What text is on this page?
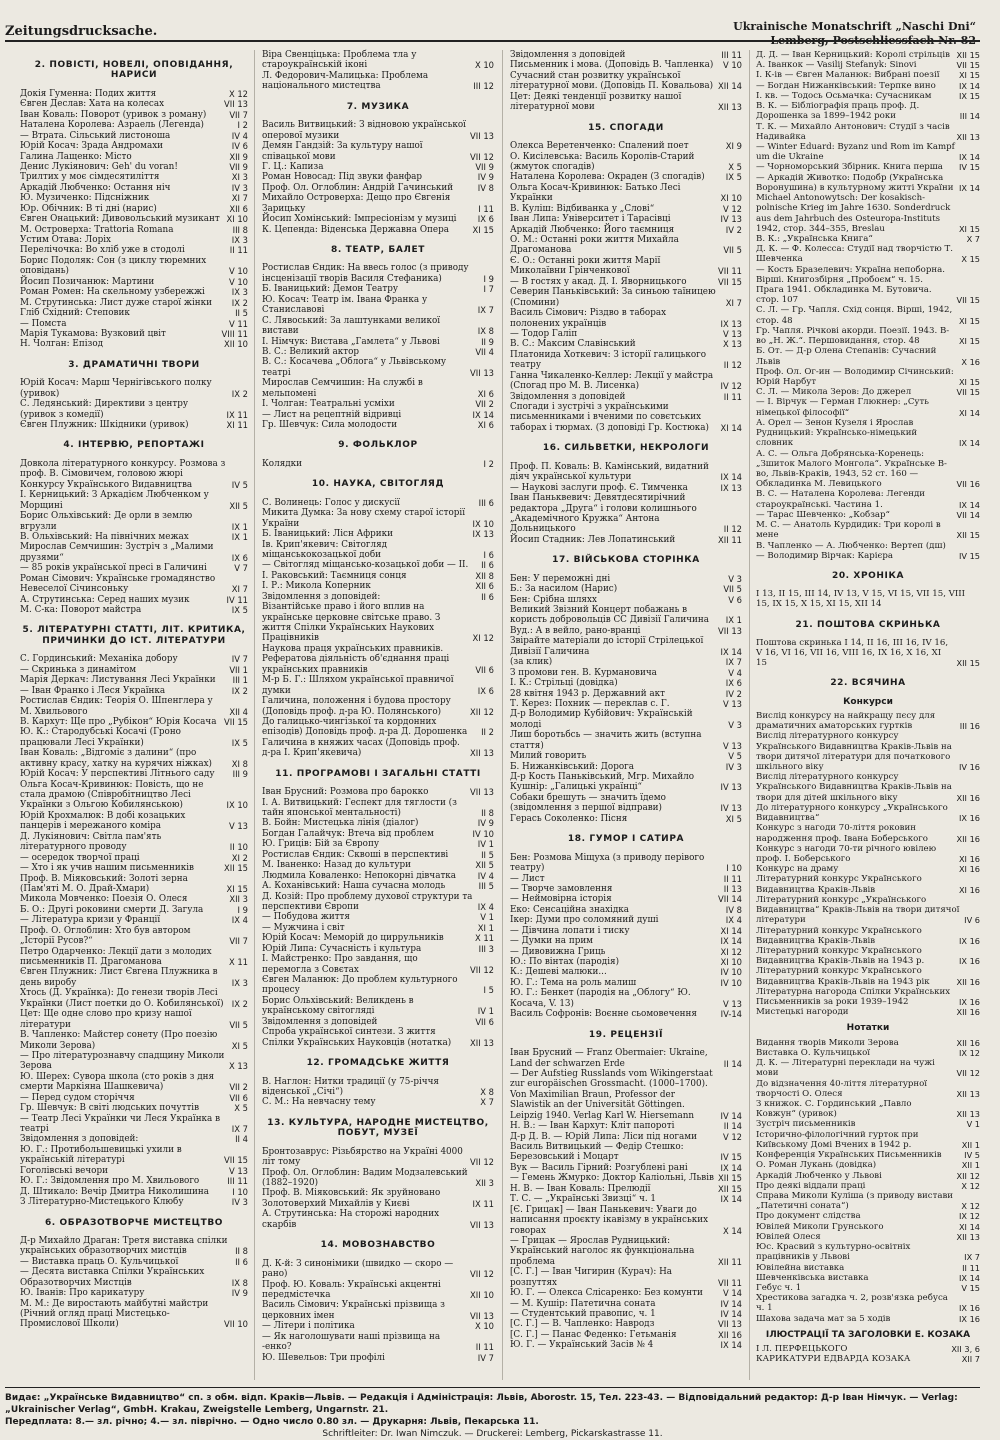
Zeitungsdrucksache.	Ukrainische Monatschrift „Naschi Dni“
Lemberg, Postschliessfach Nr. 82
2. ПОВІСТІ, НОВЕЛІ, ОПОВІДАННЯ, НАРИСИ
Докія Гуменна: Подих життя	X 12
Євген Деслав: Хата на колесах	VII 13
Іван Коваль: Поворот (уривок з роману)	VII 7
Наталена Королева: Азраель (Легенда)	I 2
— Втрата. Сільський листоноша	IV 4
Юрій Косач: Зрада Андромахи	IV 6
Галина Лащенко: Місто	XII 9
Денис Лукіянович: Geh' du voran!	VII 9
Трилтих у моє сімдесятиліття	XI 3
Аркадій Любченко: Остання ніч	IV 3
Ю. Музиченко: Підсніжник	XI 7
Юр. Обічник: В ті дні (нарис)	XII 6
Євген Онацький: Дивовольський музикант XI 10
М. Островерха: Trattoria Romana	III 8
Устим Отава: Лоріх	IX 3
Перелічочка: Во хліб уже в стодолі	II 11
Борис Подоляк: Сон (з циклу тюремних оповідань)	V 10
Йосип Позичанюк: Мартини	V 10
Роман Ромен: На скельному узбережжі	IX 3
М. Струтинська: Лист дуже старої жінки	IX 2
Гліб Східний: Степовик	II 5
— Помста	V 11
Марія Тукамова: Вузковий цвіт	VIII 11
Н. Чолган: Епізод	XII 10
3. ДРАМАТИЧНІ ТВОРИ
Юрій Косач: Марш Чернігівського полку (уривок)	IX 2
С. Ледянський: Директиви з центру (уривок з комедії)	IX 11
Євген Плужник: Шкідники (уривок)	XI 11
4. ІНТЕРВЮ, РЕПОРТАЖІ
Довкола літературного конкурсу. Розмова з проф. В. Сімовичем, головою жюрі Конкурсу Українського Видавництва	IV 5
І. Керницький: З Аркадієм Любченком у Морщині	XII 5
Борис Ольхівський: Де орли в землю вгрузли	IX 1
В. Ольхівський: На північних межах	IX 1
Мирослав Семчишин: Зустріч з „Малими друзями“	IX 6
— 85 років української пресі в Галичині	V 7
Роман Сімович: Українське громадянство Невеселої Січинсоньку	XI 7
А. Струтинська: Серед наших музик	IV 11
М. С-ка: Поворот майстра	IX 5
5. ЛІТЕРАТУРНІ СТАТТІ, ЛІТ. КРИТИКА, ПРИЧИНКИ ДО ІСТ. ЛІТЕРАТУРИ
С. Гординський: Механіка добору	IV 7
— Скринька з динамітом	VII 1
Марія Деркач: Листування Лесі Українки	III 1
— Іван Франко і Леся Українка	IX 2
Ростислав Єндик: Теорія О. Шпенглера у М. Хвильового	XII 4
В. Кархут: Ще про „Рубікон“ Юрія Косача VII 15
Ю. К.: Стародубські Косачі (Гроно працювали Лесі Українки)	IX 5
Іван Коваль: „Відгоміє з далини“ (про активну красу, хатку на курячих ніжках)	XI 8
Юрій Косач: У перспективі Літнього саду	III 9
Ольга Косач-Кривинюк: Повість, що не стала драмою (Співробітництво Лесі Українки з Ольгою Кобилянською)	IX 10
Юрій Крохмалюк: В добі козацьких панцерів і мережаного коміра	V 13
Д. Лукіянович: Світла пам'ять літературного проводу	II 10
— осередок творчої праці	XI 2
— Хто і як учив нашим письменників	XII 15
Проф. В. Міяковський: Золоті зерна (Пам'яті М. О. Драй-Хмари)	XI 15
Микола Мовченко: Поезія О. Олеся	XII 3
Б. О.: Другі роковини смерти Д. Загула	I 9
— Література кризи у Франції	IX 4
Проф. О. Оглоблин: Хто був автором „Історії Русов?“	VII 7
Петро Одарченко: Лекції дати з молодих письменників П. Драгоманова	X 11
Євген Плужник: Лист Євгена Плужника в день виробу	IX 3
Хтось (Д. Українка): До генези творів Лесі Українки (Лист поетки до О. Кобилянської) IX 2
Цет: Ще одне слово про кризу нашої літератури	VII 5
В. Чапленко: Майстер сонету (Про поезію Миколи Зерова)	XI 5
— Про літературознавчу спадщину Миколи Зерова	X 13
Ю. Шерех: Сувора школа (сто років з дня смерти Маркіяна Шашкевича)	VII 2
— Перед судом сторіччя	VII 6
Гр. Шевчук: В світі людських почуттів	X 5
— Театр Лесі Українки чи Леся Українка в театрі	IX 7
Звідомлення з доповідей:	II 4
Ю. Г.: Протибольшевицькі ухили в українській літературі	VII 15
Гоголівські вечори	V 13
Ю. Г.: Звідомлення про М. Хвильового	III 11
Д. Штикало: Вечір Дмитра Николишина	I 10
З Літературно-Мистецького Клюбу	IV 3
6. ОБРАЗОТВОРЧЕ МИСТЕЦТВО
Д-р Михайло Драган: Третя виставка спілки українських образотворчих мистців	II 8
— Виставка праць О. Кульчицької	II 6
— Десята виставка Спілки Українських Образотворчих Мистців	IX 8
Ю. Іванів: Про карикатуру	IV 9
М. М.: Де виростають майбутні майстри (Річний огляд праці Мистецько-Промислової Школи)	VII 10
Віра Свенціцька: Проблема тла у староукраїнській іконі	X 10
Л. Федорович-Малицька: Проблема національного мистецтва	III 12
7. МУЗИКА
Василь Витвицький: З відновою української оперової музики	VII 13
Демян Гандзій: За культуру нашої співацької мови	VII 12
Г. Ц.: Капиза	VII 9
Роман Новосад: Під звуки фанфар	IV 9
Проф. Ол. Оглоблин: Андрій Гачинський	IV 8
Михайло Островерха: Дещо про Євгенія Зарицьку	I 11
Йосип Хомінський: Імпресіонізм у музиці	IX 6
К. Цепенда: Віденська Державна Опера	XI 15
8. ТЕАТР, БАЛЕТ
Ростислав Єндик: На ввесь голос (з приводу інсценізації творів Василя Стефаника)	I 9
Б. Іваницький: Демон Театру	I 7
Ю. Косач: Театр ім. Івана Франка у Станиславові	IX 7
С. Лявоський: За лаштунками великої вистави	IX 8
І. Німчук: Вистава „Гамлета“ у Львові	II 9
В. С.: Великий актор	VII 4
В. С.: Косачева „Облога“ у Львівському театрі	VII 13
Мирослав Семчишин: На службі в мельпомені	XI 6
І. Чолган: Театральні усміхи	VII 2
— Лист на рецептній відривці	IX 14
Гр. Шевчук: Сила молодости	XI 6
9. ФОЛЬКЛОР
Колядки	I 2
10. НАУКА, СВІТОГЛЯД
С. Волинець: Голос у дискусії	III 6
Микита Думка: За нову схему старої історії України	IX 10
Б. Іваницький: Лісн Африки	IX 13
Ів. Крип'якевич: Світогляд міщанськокозацької доби	I 6
— Світогляд міщансько-козацької доби — II.	II 6
І. Раковський: Таємниця сонця	XII 8
І. Р.: Микола Коперник	XII 6
Звідомлення з доповідей:	II 6
Візантійське право і його вплив на українське церковне світське право. З життя Спілки Українських Наукових Працівників	XI 12
Наукова праця українських правників. Рефератова діяльність об'єднання праці українських правників	VII 6
М-р Б. Г.: Шляхом української правничої думки	IX 6
Галичина, положення і будова простору (Доповідь проф. д-ра Ю. Полянського)	XII 12
До галицько-чингізької та кордонних епізодів) Доповідь проф. д-ра Д. Дорошенка	II 2
Галичина в княжих часах (Доповідь проф. д-ра І. Крип'якевича)	XII 13
11. ПРОГРАМОВІ І ЗАГАЛЬНІ СТАТТІ
Іван Брусний: Розмова про барокко	VII 13
І. А. Витвицький: Геспект для тяглости (з тайн японської ментальності)	II 8
В. Бойн: Мистецька лінія (діалог)	IV 9
Богдан Галайчук: Втеча від проблем	IV 10
Ю. Гриців: Бій за Європу	IV 1
Ростислав Єндик: Сквоші в перспективі	II 5
М. Іваненко: Назад до культури	XII 5
Людмила Коваленко: Непокорні дівчатка	IV 4
А. Коханівський: Нашa сучасна молодь	III 5
Д. Козій: Про проблему духової структури та перспективи Європи	IX 4
— Побудова життя	V 1
— Мужчина і світ	XI 1
Юрій Косач: Меморій до циррульників	X 11
Юрій Липа: Сучасність і культура	III 3
І. Майстренко: Про завдання, що перемогла з Совєтах	VII 12
Євген Маланюк: До проблем культурного процесу	I 5
Борис Ольхівський: Великдень в українському світогляді	IV 1
Звідомлення з доповідей	VII 6
Спроба української синтези. З життя Спілки Українських Науковців (нотатка)	XII 13
12. ГРОМАДСЬКЕ ЖИТТЯ
В. Наглон: Нитки традиції (у 75-річчя віденської „Січі“)	X 8
С. М.: На невчасну тему	X 7
13. КУЛЬТУРА, НАРОДНЕ МИСТЕЦТВО, ПОБУТ, МУЗЕЇ
Бронтозаврус: Різьбярство на Україні 4000 літ тому	VII 12
Проф. Ол. Оглоблин: Вадим Модзалевський (1882–1920)	XII 3
Проф. В. Міяковський: Як зруйновано Золотоверхий Михайлів у Києві	IX 11
А. Струтинська: На сторожі народних скарбів	VII 13
14. МОВОЗНАВСТВО
Д. К-й: З синонімики (швидко — скоро — рано)	VII 12
Проф. Ю. Коваль: Українські акцентні передмістечка	XII 10
Василь Сімович: Українські прізвища з церковних імен	VII 13
— Літери і політика	X 10
— Як наголошувати наші прізвища на -енко?	II 11
Ю. Шевельов: Три профілі	IV 7
Звідомлення з доповідей	III 11
Письменник і мова. (Доповідь В. Чапленка)	V 10
Сучасний стан розвитку української літературної мови. (Доповідь П. Ковальова) XII 14
Цет: Деякі тенденції розвитку нашої літературної мови	XII 13
15. СПОГАДИ
Олекса Веретенченко: Спалений поет	XI 9
О. Кисілевська: Василь Королів-Старий (жмуток спогадів)	X 5
Наталена Королева: Окраден (З спогадів)	IX 5
Ольга Косач-Кривинюк: Батько Лесі Українки	XI 10
В. Куліш: Відбиванка у „Слові“	V 12
Іван Липа: Університет і Тарасівці	IV 13
Аркадій Любченко: Його таємниця	IV 2
О. М.: Останні роки життя Михайла Драгоманова	VII 5
Є. О.: Останні роки життя Марії Миколаївни Грінченкової	VII 11
— В гостях у акад. Д. І. Яворницького	VII 15
Северин Паньківський: За синьою таїницею (Спомини)	XI 7
Василь Сімович: Різдво в таборах полонених українців	IX 13
— Тодор Галіп	V 13
В. С.: Максим Славінський	X 13
Платонида Хоткевич: З історії галицького театру	II 12
Ганна Чикаленко-Келлер: Лекції у майстра (Спогад про М. В. Лисенка)	IV 12
Звідомлення з доповідей	II 11
Спогади і зустрічі з українськими письменниками і вченими по совєтських таборах і тюрмах. (З доповіді Гр. Костюка)	XI 14
16. СИЛЬВЕТКИ, НЕКРОЛОГИ
Проф. П. Коваль: В. Камінський, видатний діяч української культури	IX 14
— Наукові заслуги проф. Є. Тимченка	IX 13
Іван Паньквевич: Девятдесятирічний редактора „Друга“ і голови колишнього „Академічного Кружка“ Антона Дольницького	II 12
Йосип Стадник: Лев Лопатинський	XII 11
17. ВІЙСЬКОВА СТОРІНКА
Бен: У переможні дні	V 3
Б.: За насилом (Нарис)	VII 5
Бен: Срібна шляхх	V 6
Великий Звізний Концерт побажань в користь добровольців СС Дивізії Галичина	IX 1
Вуд.: А в вейло, рано-вранці	VII 13
Звірайте матеріали до історії Стрілецької Дивізії Галичина	IX 14
(за клик)	IX 7
З промови ген. В. Курмановича	V 4
І. К.: Стрільці (довідка)	IX 6
28 квітня 1943 р. Державний акт	IV 2
Т. Керез: Похник — переклав с. Г.	V 13
Д-р Володимир Кубійович: Українській молоді	V 3
Лиш боротьбсь — значить жить (вступна стаття)	V 13
Милий говорить	V 5
Б. Нижанківський: Дорога	IV 3
Д-р Кость Паньківський, Мгр. Михайло Кушнір: „Галицькі українці“	IV 13
Собаки брешуть — значить їдемо (звідомлення з першої відправи)	IV 13
Герась Соколенко: Пісня	XI 5
18. ГУМОР І САТИРА
Бен: Розмова Міщуха (з приводу перівого театру)	I 10
— Лист	II 11
— Творче замовлення	II 13
— Неймовірна історія	VII 14
Еко: Сенсаційна знахідка	IV 8
Ікер: Думи про соломяний душі	IX 4
— Дівчина лопати і тиску	XI 14
— Думки на прим	IX 14
— Дивовижна Гриць	XI 12
Ю.: По вінтах (пародія)	XI 10
К.: Дешеві малюки...	IV 10
Ю. Г.: Тема на роль малиш	IV 10
Ю. Г.: Бенкет (пародія на „Облогу“ Ю. Косача, V. 13)	V 13
Василь Софронів: Воєнне сьомовечення	IV-14
19. РЕЦЕНЗІЇ
Іван Брусний — Franz Obermaier: Ukraine, Land der schwarzen Erde	II 14
— Der Aufstieg Russlands vom Wikingerstaat zur europäischen Grossmacht. (1000–1700). Von Maximilian Braun, Professor der Slawistik an der Universität Göttingen. Leipzig 1940. Verlag Karl W. Hiersemann	IV 14
Н. В.: — Іван Кархут: Кліт папороті	II 14
Д-р Д. В. — Юрій Липа: Ліси під ногами	V 12
Василь Витвицький — Федір Стешко: Березовський і Моцарт	IV 15
Вук — Василь Гірний: Розгублені рані	IX 14
— Гемень Жмурко: Доктор Каліольні, Львів XII 15
Н. В. — Іван Коваль: Прелюдії	XII 15
Т. С. — „Українські Звизці“ ч. 1	IX 14
[Є. Грицак] — Іван Панькевич: Уваги до написання проєкту ікавізму в українських говорах	X 14
— Грицак — Ярослав Рудницький: Український наголос як функціональна проблема	XII 11
[С. Г.] — Іван Чигирин (Курач): На розпуттях	VII 11
Ю. Г. — Олекса Слісаренко: Без комунти	V 14
— М. Кушір: Патетична соната	IV 14
— Студентський правопис, ч. 1	IV 14
[С. Г.] — В. Чапленко: Навродз	VII 13
[С. Г.] — Панас Феденко: Гетьманія	XII 16
Ю. Г. — Український Засів № 4	IX 14
Д. Д. — Іван Керницький: Королі стрільців XII 15
А. Іванкок — Vasilij Stefanyk: Sinovi	VII 15
І. К-ів — Євген Маланюк: Вибрані поезії	XI 15
— Богдан Нижанківський: Терпке вино	IX 14
І. кв. — Тодось Осьмачка: Сучасникам	IX 15
В. К. — Бібліографія праць проф. Д. Дорошенка за 1899–1942 роки	III 14
Т. К. — Михайло Антонович: Студії з часів Надивайка	XII 13
— Winter Eduard: Byzanz und Rom im Kampf um die Ukraine	IX 14
— Чорноморський Збірник. Книга перша	IV 15
— Аркадій Животко: Подобр (Українська Воронушина) в культурному житті України IX 14
Michael Antonowytsch: Der kosakisch-polnische Krieg im Jahre 1630. Sonderdruck aus dem Jahrbuch des Osteuropa-Instituts 1942, стор. 344–355, Breslau	XI 15
В. К.: „Українська Книга“	X 7
Д. К. — Ф. Колесса: Студії над творчістю Т. Шевченка	X 15
— Кость Бразелевич: Україна непоборна. Вірші. Книгозбірня „Пробоєм“ ч. 15. Прага 1941. Обкладинка М. Бутовича. стор. 107	VII 15
С. Л. — Гр. Чапля. Схід сонця. Вірші, 1942, стор. 48	XI 15
Гр. Чапля. Річкові акорди. Поезії. 1943. В-во „Н. Ж.“. Першовидання, стор. 48	XI 15
Б. От. — Д-р Олена Степанів: Сучасний Львів	X 16
Проф. Ол. Ог-ин — Володимир Січинський: Юрій Нарбут	XI 15
С. Л. — Микола Зеров: До джерел	VII 15
— І. Вірчук — Герман Глюкнер: „Суть німецької філософії“	XI 14
А. Орел — Зенон Кузеля і Ярослав Рудницький: Українсько-німецький словник	IX 14
А. С. — Ольга Добрянська-Коренець: „Зшиток Малого Монгола“. Українське В-во, Львів-Краків, 1943, 52 ст. 160 — Обкладинка М. Левицького	VII 16
В. С. — Наталена Королева: Легенди староукраїнські. Частина 1.	IX 14
— Тарас Шевченко: „Кобзар“	VII 14
М. С. — Анатоль Курдидик: Три королі в мене	XII 15
В. Чапленко — А. Любченко: Вертеп (дш) — Володимир Вірчак: Карієра	IV 15
20. ХРОНІКА
I 13, II 15, III 14, IV 13, V 15, VI 15, VII 15, VIII 15, IX 15, X 15, XI 15, XII 14
21. ПОШТОВА СКРИНЬКА
Поштова скринька I 14, II 16, III 16, IV 16, V 16, VI 16, VII 16, VIII 16, IX 16, X 16, XI 15	XII 15
22. ВСЯЧИНА
Конкурси
Вислід конкурсу на найкращу пєсу для драматичних аматорських гуртків	III 16
Вислід літературного конкурсу Українського Видавництва Краків-Львів на твори дитячої літератури для початкового шкільного віку	IV 16
Вислід літературного конкурсу Українського Видавництва Краків-Львів на твори для дітей шкільного віку	XII 16
До літературного конкурсу „Українського Видавництва“	IX 16
Конкурс з нагоди 70-ліття роковин народження проф. Івана Боберського	XII 16
Конкурс з нагоди 70-ти річного ювілею проф. І. Боберського	XI 16
Конкурс на драму	XI 16
Літературний конкурс Українського Видавництва Краків-Львів	XI 16
Літературний конкурс „Українського Видавництва“ Краків-Львів на твори дитячої літератури	IV 6
Літературний конкурс Українського Видавництва Краків-Львів	IX 16
Літературний конкурс Українського Видавництва Краків-Львів на 1943 р.	IX 16
Літературний конкурс Українського Видавництва Краків-Львів на 1943 рік	XII 16
Літературна нагорода Спілки Українських Письменників за роки 1939–1942	IX 16
Мистецькі нагороди	XII 16
Нотатки
Видання творів Миколи Зерова	XII 16
Виставка О. Кульчицької	IX 12
Д. К. — Літературні переклади на чужі мови	VII 12
До відзначення 40-ліття літературної творчості О. Олеся	XII 13
З книжок. С. Гординський „Павло Ковжун“ (уривок)	XII 13
Зустріч письменників	V 1
Історично-філологічний гурток при Київському Домі Вчених в 1942 р.	XII 1
Конференція Українських Письменників	IV 5
О. Роман Лукань (довідка)	XII 1
Аркадій Любченко у Львові	XII 12
Про деякі віддали праці	X 12
Справа Миколи Куліша (з приводу вистави „Патетичні соната“)	X 12
Про документ слідства	IX 12
Ювілей Миколи Грунського	XI 14
Ювілей Олеся	XII 13
Юс. Красвий з культурно-освітніх працівників у Львові	IX 7
Ювілейна виставка	II 11
Шевченківська виставка	IX 14
Гебус ч. 1	V 15
Хрестикова загадка ч. 2, розв'язка ребуса ч. 1	IX 16
Шахова задача мат за 5 ходів	IX 16
ІЛЮСТРАЦІЇ ТА ЗАГОЛОВКИ Е. КОЗАКА
І Л. ПЕРФЕЦЬКОГО	XII 3, 6
КАРИКАТУРИ ЕДВАРДА КОЗАКА	XII 7
Видає: „Українське Видавництво“ сп. з обм. відп. Краків—Львів. — Редакція і Адміністрація: Львів, Aborostr. 15, Тел. 223-43. — Відповідальний редактор: Д-р Іван Німчук. — Verlag: „Ukrainischer Verlag“, GmbH. Krakau, Zweigstelle Lemberg, Ungarnstr. 21.
Передплата: 8.— зл. річно; 4.— зл. піврічно. — Одно число 0.80 зл. — Друкарня: Львів, Пекарська 11.
Schriftleiter: Dr. Iwan Nimczuk. — Druckerei: Lemberg, Pickarskastrasse 11.
